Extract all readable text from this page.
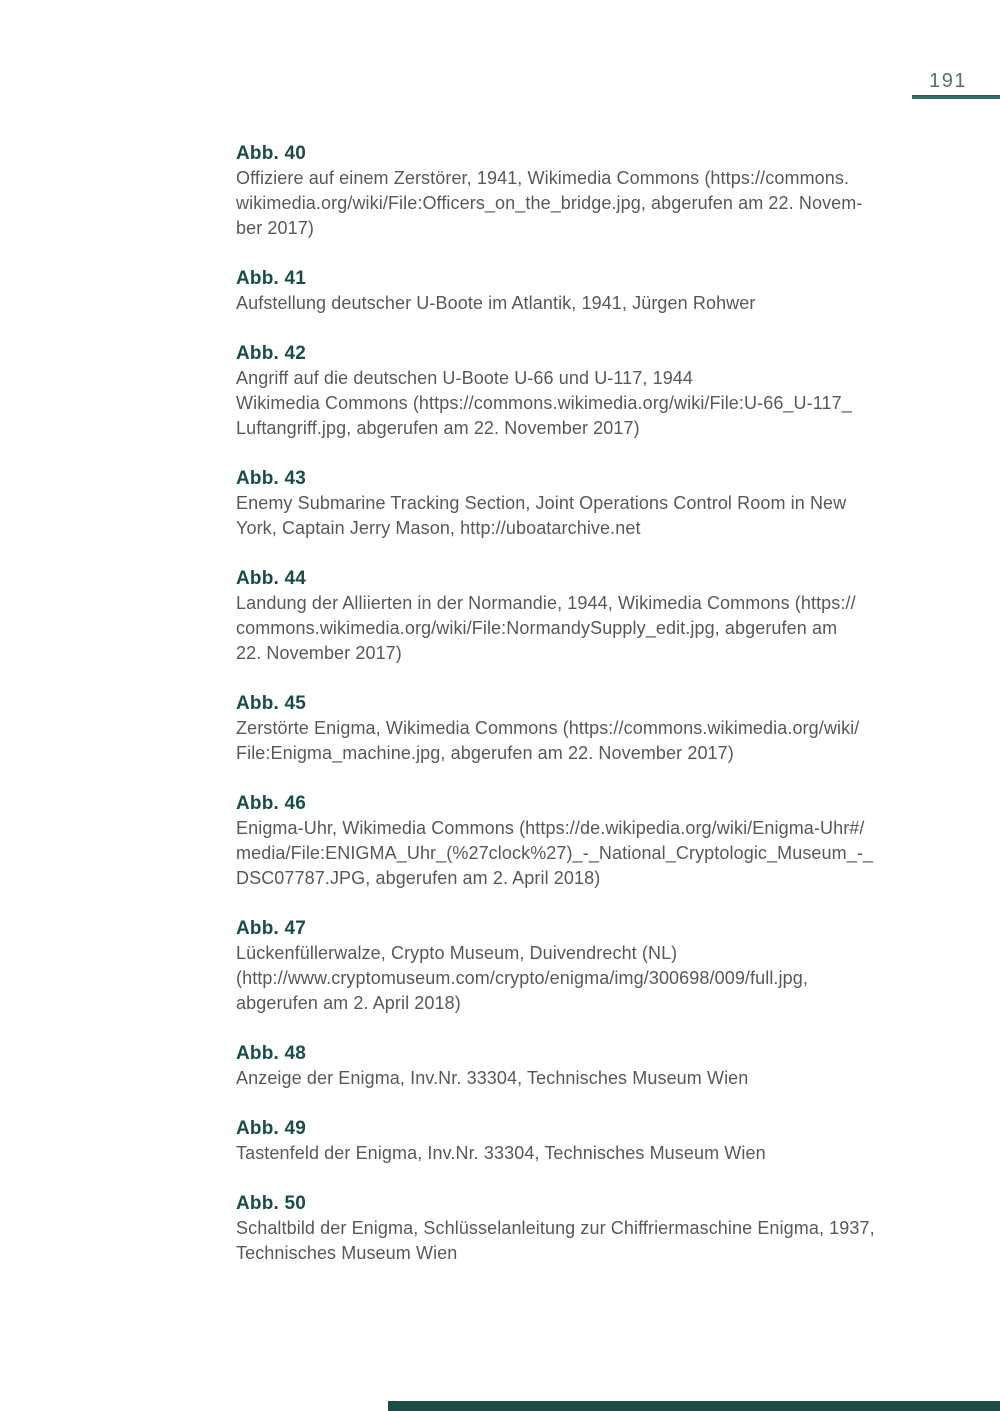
191
Abb. 40
Offiziere auf einem Zerstörer, 1941, Wikimedia Commons (https://commons.
wikimedia.org/wiki/File:Officers_on_the_bridge.jpg, abgerufen am 22. Novem-
ber 2017)
Abb. 41
Aufstellung deutscher U-Boote im Atlantik, 1941, Jürgen Rohwer
Abb. 42
Angriff auf die deutschen U-Boote U-66 und U-117, 1944
Wikimedia Commons (https://commons.wikimedia.org/wiki/File:U-66_U-117_
Luftangriff.jpg, abgerufen am 22. November 2017)
Abb. 43
Enemy Submarine Tracking Section, Joint Operations Control Room in New
York, Captain Jerry Mason, http://uboatarchive.net
Abb. 44
Landung der Alliierten in der Normandie, 1944, Wikimedia Commons (https://
commons.wikimedia.org/wiki/File:NormandySupply_edit.jpg, abgerufen am
22. November 2017)
Abb. 45
Zerstörte Enigma, Wikimedia Commons (https://commons.wikimedia.org/wiki/
File:Enigma_machine.jpg, abgerufen am 22. November 2017)
Abb. 46
Enigma-Uhr, Wikimedia Commons (https://de.wikipedia.org/wiki/Enigma-Uhr#/
media/File:ENIGMA_Uhr_(%27clock%27)_-_National_Cryptologic_Museum_-_
DSC07787.JPG, abgerufen am 2. April 2018)
Abb. 47
Lückenfüllerwalze, Crypto Museum, Duivendrecht (NL)
(http://www.cryptomuseum.com/crypto/enigma/img/300698/009/full.jpg,
abgerufen am 2. April 2018)
Abb. 48
Anzeige der Enigma, Inv.Nr. 33304, Technisches Museum Wien
Abb. 49
Tastenfeld der Enigma, Inv.Nr. 33304, Technisches Museum Wien
Abb. 50
Schaltbild der Enigma, Schlüsselanleitung zur Chiffriermaschine Enigma, 1937,
Technisches Museum Wien
